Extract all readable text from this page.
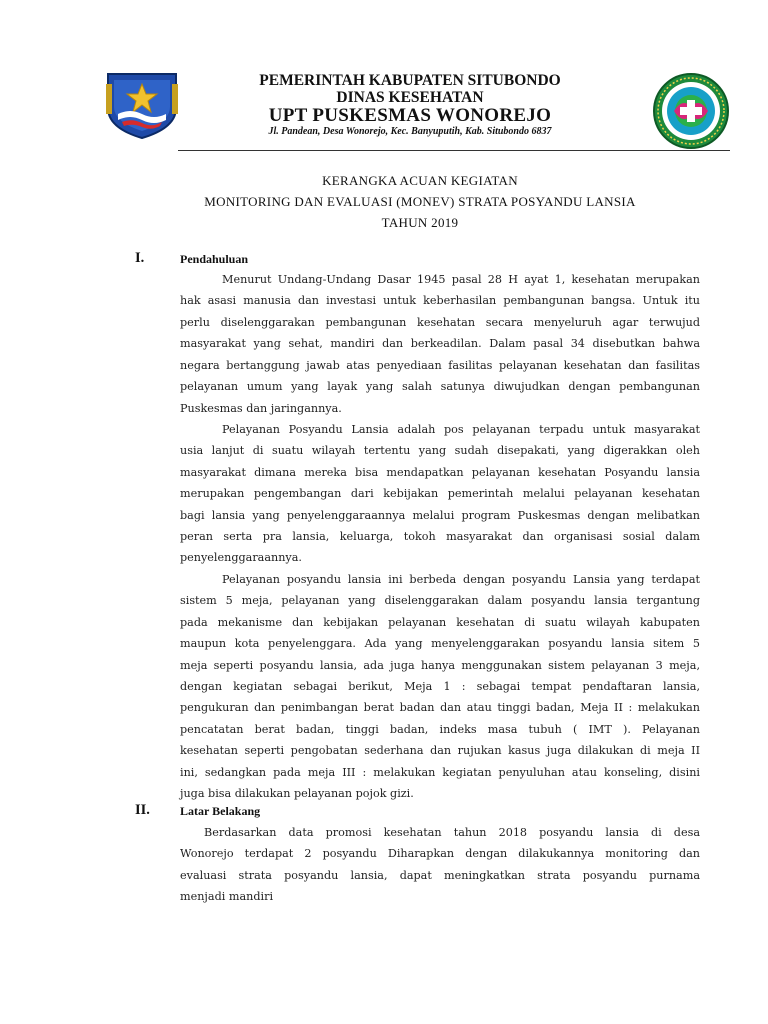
PEMERINTAH KABUPATEN SITUBONDO
DINAS KESEHATAN
UPT PUSKESMAS WONOREJO
Jl. Pandean, Desa Wonorejo, Kec. Banyuputih, Kab. Situbondo 6837
KERANGKA ACUAN KEGIATAN
MONITORING DAN EVALUASI (MONEV) STRATA POSYANDU LANSIA
TAHUN 2019
I.	Pendahuluan
Menurut Undang-Undang Dasar 1945 pasal 28 H ayat 1, kesehatan merupakan
hak asasi manusia dan investasi untuk keberhasilan pembangunan bangsa. Untuk itu
perlu diselenggarakan pembangunan kesehatan secara menyeluruh agar terwujud
masyarakat yang sehat, mandiri dan berkeadilan. Dalam pasal 34 disebutkan bahwa
negara bertanggung jawab atas penyediaan fasilitas pelayanan kesehatan dan fasilitas
pelayanan umum yang layak yang salah satunya diwujudkan dengan pembangunan
Puskesmas dan jaringannya.
Pelayanan Posyandu Lansia adalah pos pelayanan terpadu untuk masyarakat
usia lanjut di suatu wilayah tertentu yang sudah disepakati, yang digerakkan oleh
masyarakat dimana mereka bisa mendapatkan pelayanan kesehatan Posyandu lansia
merupakan pengembangan dari kebijakan pemerintah melalui pelayanan kesehatan
bagi lansia yang penyelenggaraannya melalui program Puskesmas dengan melibatkan
peran serta pra lansia, keluarga, tokoh masyarakat dan organisasi sosial dalam
penyelenggaraannya.
Pelayanan posyandu lansia ini berbeda dengan posyandu Lansia yang terdapat
sistem 5 meja, pelayanan yang diselenggarakan dalam posyandu lansia tergantung
pada mekanisme dan kebijakan pelayanan kesehatan di suatu wilayah kabupaten
maupun kota penyelenggara. Ada yang menyelenggarakan posyandu lansia sitem 5
meja seperti posyandu lansia, ada juga hanya menggunakan sistem pelayanan 3 meja,
dengan kegiatan sebagai berikut, Meja 1 : sebagai tempat pendaftaran lansia,
pengukuran dan penimbangan berat badan dan atau tinggi badan, Meja II : melakukan
pencatatan berat badan, tinggi badan, indeks masa tubuh ( IMT ). Pelayanan
kesehatan seperti pengobatan sederhana dan rujukan kasus juga dilakukan di meja II
ini, sedangkan pada meja III : melakukan kegiatan penyuluhan atau konseling, disini
juga bisa dilakukan pelayanan pojok gizi.
II.	Latar Belakang
Berdasarkan data promosi kesehatan tahun 2018 posyandu lansia di desa
Wonorejo terdapat 2 posyandu Diharapkan dengan dilakukannya monitoring dan
evaluasi strata posyandu lansia, dapat meningkatkan strata posyandu purnama
menjadi mandiri
